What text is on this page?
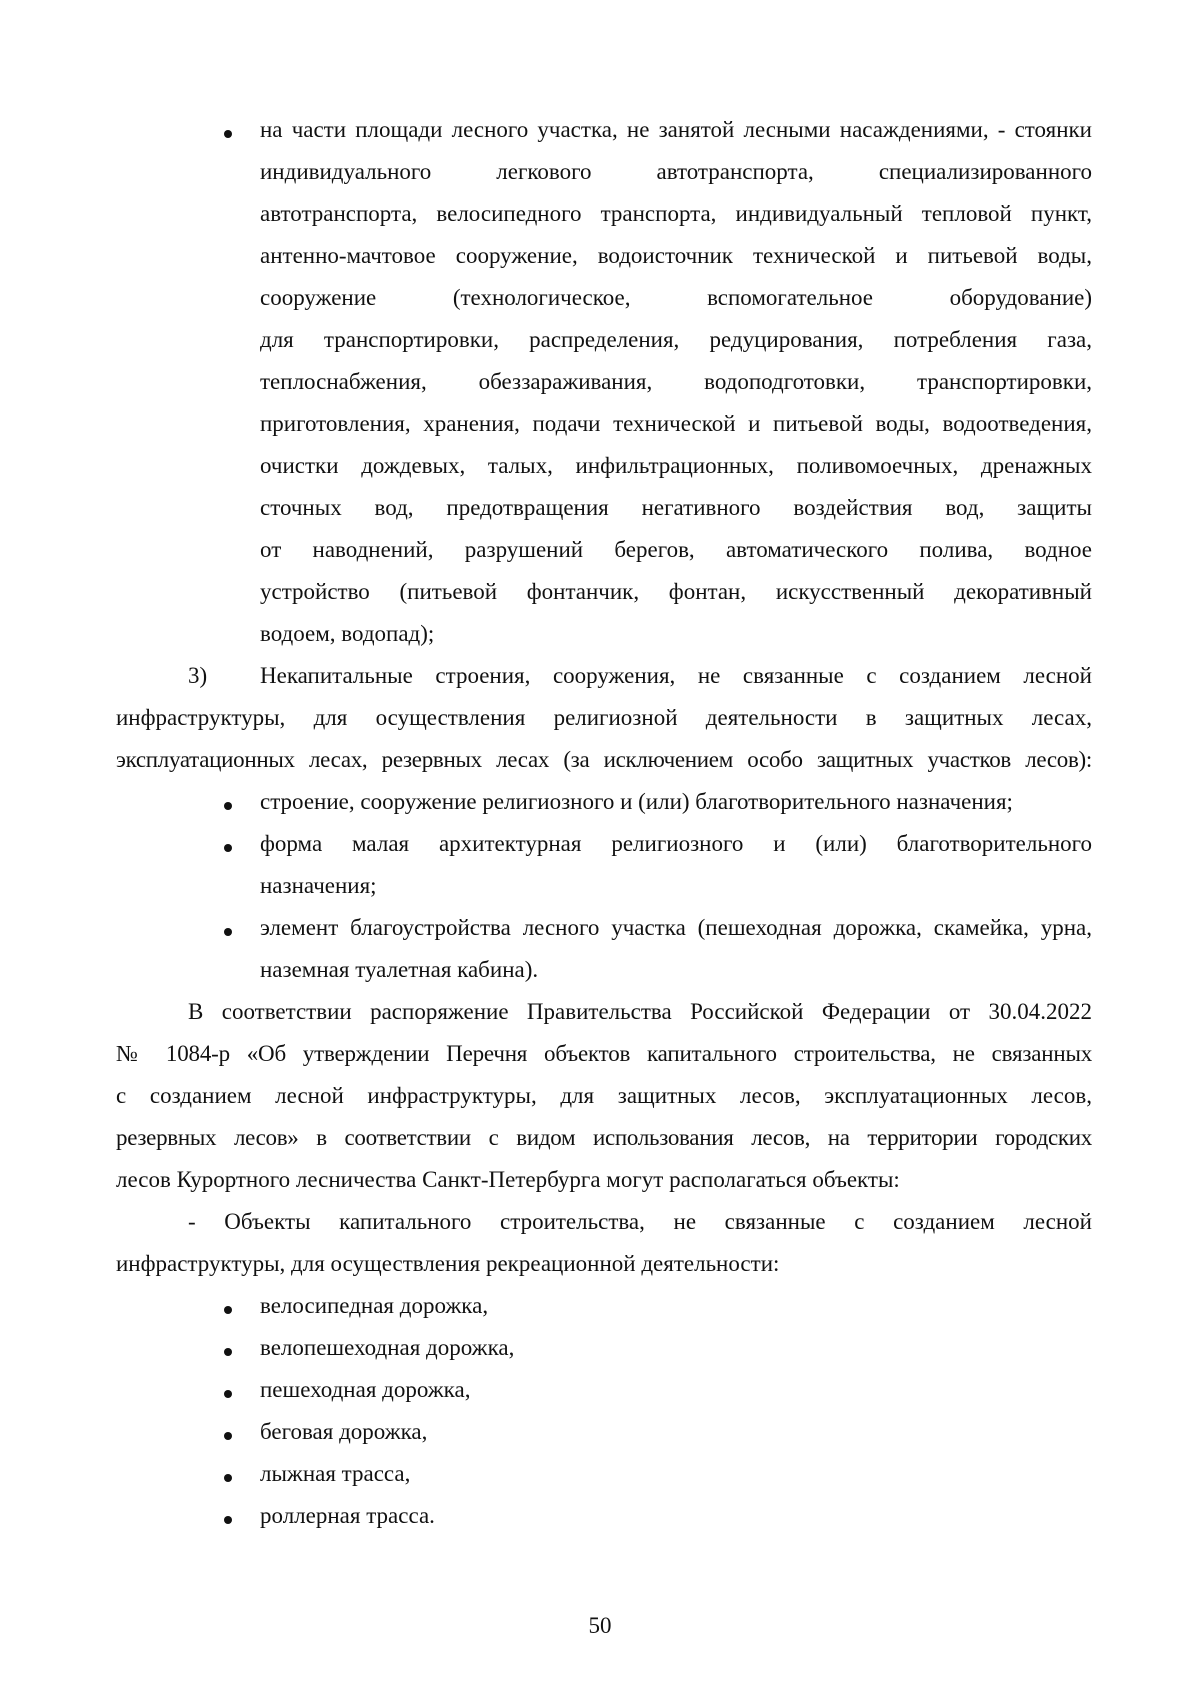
на части площади лесного участка, не занятой лесными насаждениями, - стоянки
индивидуального легкового автотранспорта, специализированного
автотранспорта, велосипедного транспорта, индивидуальный тепловой пункт,
антенно-мачтовое сооружение, водоисточник технической и питьевой воды,
сооружение (технологическое, вспомогательное оборудование)
для транспортировки, распределения, редуцирования, потребления газа,
теплоснабжения, обеззараживания, водоподготовки, транспортировки,
приготовления, хранения, подачи технической и питьевой воды, водоотведения,
очистки дождевых, талых, инфильтрационных, поливомоечных, дренажных
сточных вод, предотвращения негативного воздействия вод, защиты
от наводнений, разрушений берегов, автоматического полива, водное
устройство (питьевой фонтанчик, фонтан, искусственный декоративный
водоем, водопад);
3) Некапитальные строения, сооружения, не связанные с созданием лесной
инфраструктуры, для осуществления религиозной деятельности в защитных лесах,
эксплуатационных лесах, резервных лесах (за исключением особо защитных участков лесов):
строение, сооружение религиозного и (или) благотворительного назначения;
форма малая архитектурная религиозного и (или) благотворительного
назначения;
элемент благоустройства лесного участка (пешеходная дорожка, скамейка, урна,
наземная туалетная кабина).
В соответствии распоряжение Правительства Российской Федерации от 30.04.2022
№ 1084-р «Об утверждении Перечня объектов капитального строительства, не связанных
с созданием лесной инфраструктуры, для защитных лесов, эксплуатационных лесов,
резервных лесов» в соответствии с видом использования лесов, на территории городских
лесов Курортного лесничества Санкт-Петербурга могут располагаться объекты:
- Объекты капитального строительства, не связанные с созданием лесной
инфраструктуры, для осуществления рекреационной деятельности:
велосипедная дорожка,
велопешеходная дорожка,
пешеходная дорожка,
беговая дорожка,
лыжная трасса,
роллерная трасса.
50
